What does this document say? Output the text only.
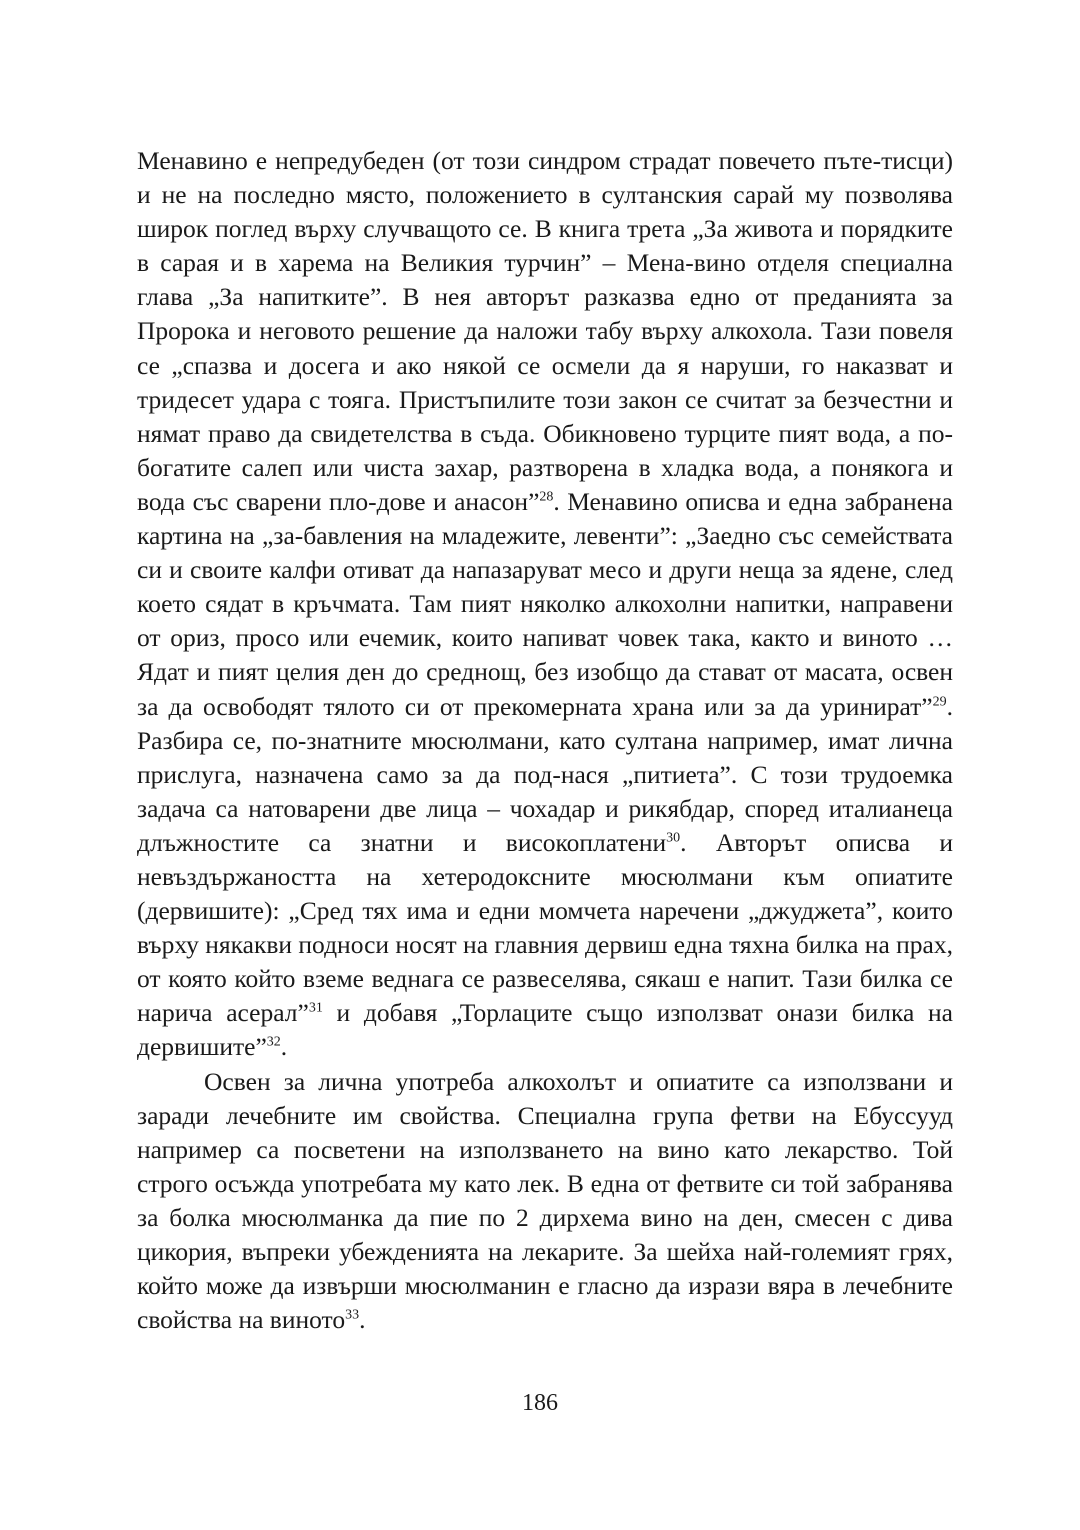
Менавино е непредубеден (от този синдром страдат повечето пъте-тисци) и не на последно място, положението в султанския сарай му позволява широк поглед върху случващото се. В книга трета „За живота и порядките в сарая и в харема на Великия турчин” – Мена-вино отделя специална глава „За напитките”. В нея авторът разказва едно от преданията за Пророка и неговото решение да наложи табу върху алкохола. Тази повеля се „спазва и досега и ако някой се осмели да я наруши, го наказват и тридесет удара с тояга. Пристъпилите този закон се считат за безчестни и нямат право да свидетелства в съда. Обикновено турците пият вода, а по-богатите салеп или чиста захар, разтворена в хладка вода, а понякога и вода със сварени пло-дове и анасон”$^{28}$. Менавино описва и една забранена картина на „за-бавления на младежите, левенти”: „Заедно със семействата си и своите калфи отиват да напазаруват месо и други неща за ядене, след което сядат в кръчмата. Там пият няколко алкохолни напитки, направени от ориз, просо или ечемик, които напиват човек така, както и виното … Ядат и пият целия ден до среднощ, без изобщо да стават от масата, освен за да освободят тялото си от прекомерната храна или за да уринират”$^{29}$. Разбира се, по-знатните мюсюлмани, като султана например, имат лична прислуга, назначена само за да под-нася „питиета”. С този трудоемка задача са натоварени две лица – чохадар и рикябдар, според италианеца длъжностите са знатни и високоплатени$^{30}$. Авторът описва и невъздържаността на хетеродоксните мюсюлмани към опиатите (дервишите): „Сред тях има и едни момчета наречени „джуджета”, които върху някакви подноси носят на главния дервиш една тяхна билка на прах, от която който вземе веднага се развеселява, сякаш е напит. Тази билка се нарича асерал”$^{31}$ и добавя „Торлаците също използват онази билка на дервишите”$^{32}$.

Освен за лична употреба алкохолът и опиатите са използвани и заради лечебните им свойства. Специална група фетви на Ебуссууд например са посветени на използването на вино като лекарство. Той строго осъжда употребата му като лек. В една от фетвите си той забранява за болка мюсюлманка да пие по 2 дирхема вино на ден, смесен с дива цикория, въпреки убежденията на лекарите. За шейха най-големият грях, който може да извърши мюсюлманин е гласно да изрази вяра в лечебните свойства на виното$^{33}$.

186
